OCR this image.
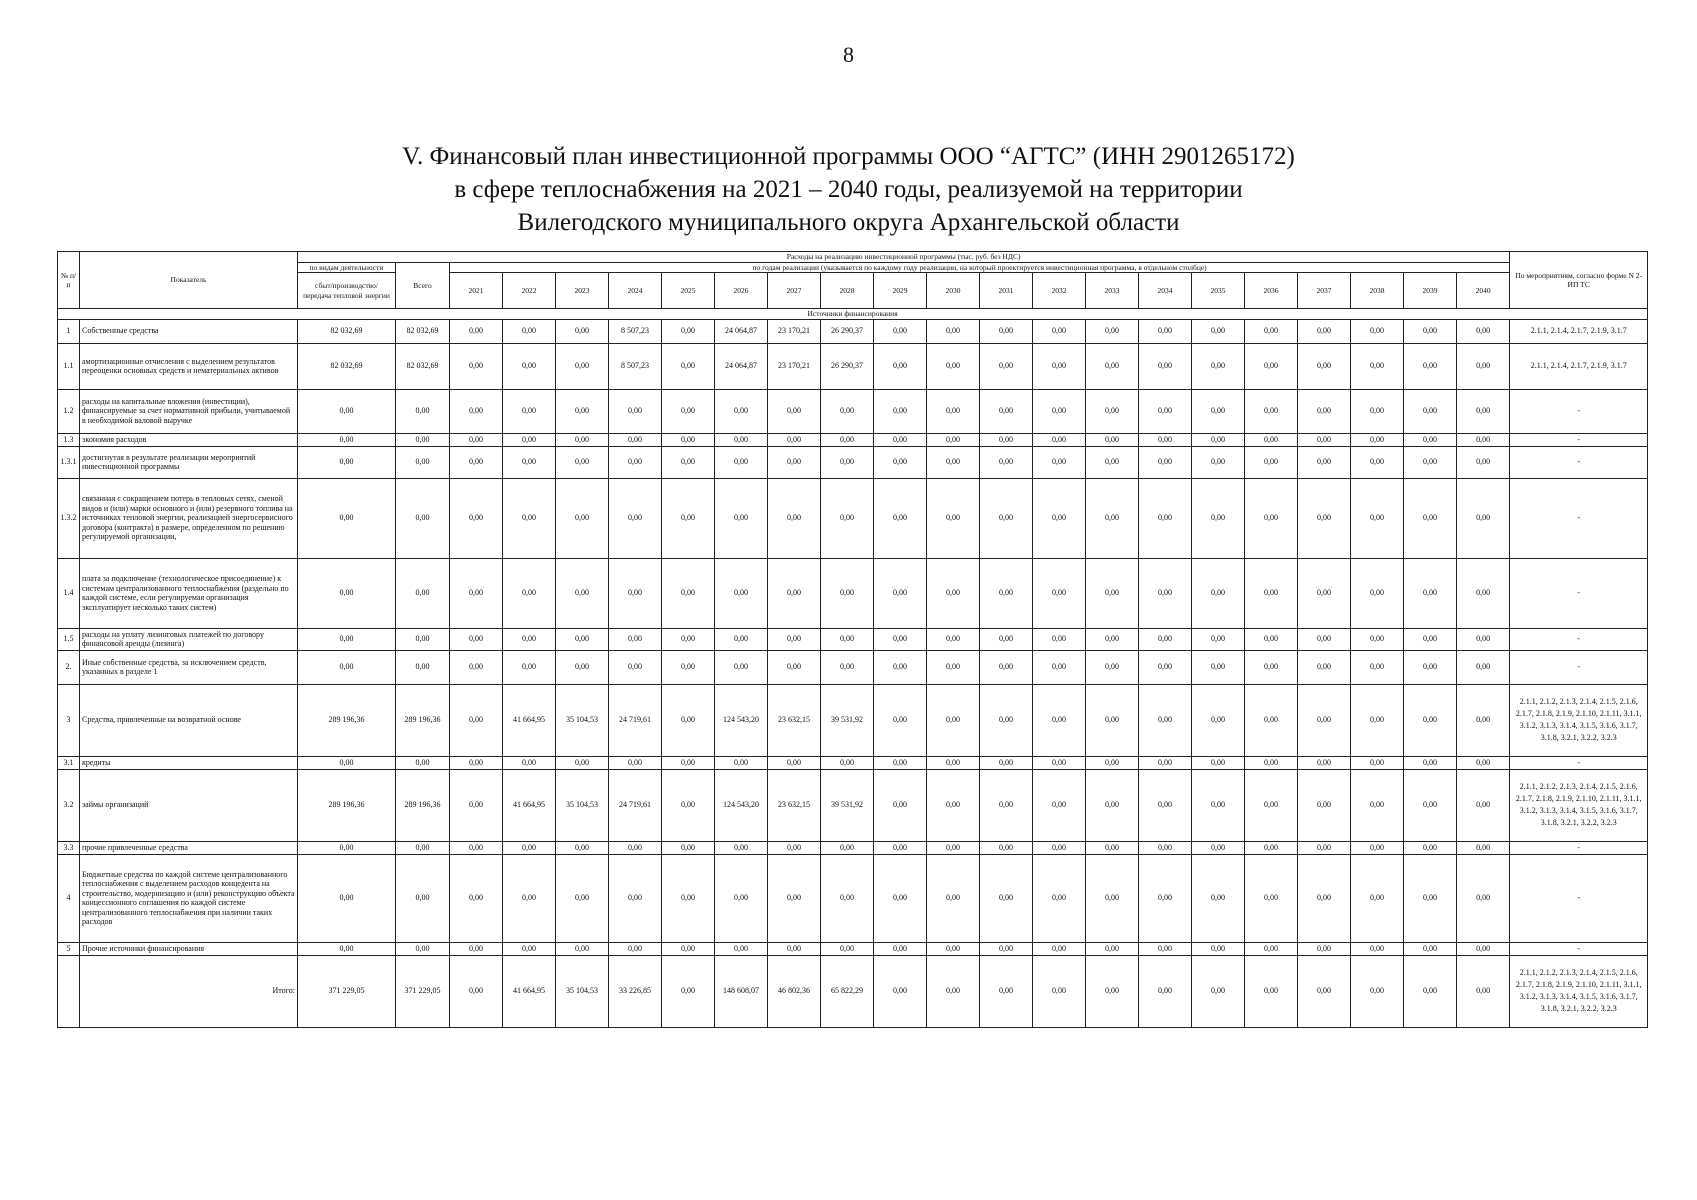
8
V. Финансовый план инвестиционной программы ООО “АГТС” (ИНН 2901265172)
в сфере теплоснабжения на 2021 – 2040 годы, реализуемой на территории
Вилегодского муниципального округа Архангельской области
№ п/п	Показатель	Расходы на реализацию инвестиционной программы (тыс. руб. без НДС)																						По мероприятиям, согласно форме N 2-ИП ТС
		по видам деятельности	Всего	по годам реализации (указывается по каждому году реализации, на который проектируется инвестиционная программа, в отдельном столбце)																				
		сбыт/производство/ передача тепловой энергии		2021	2022	2023	2024	2025	2026	2027	2028	2029	2030	2031	2032	2033	2034	2035	2036	2037	2038	2039	2040	
Источники финансирования																								
1	Собственные средства	82 032,69	82 032,69	0,00	0,00	0,00	8 507,23	0,00	24 064,87	23 170,21	26 290,37	0,00	0,00	0,00	0,00	0,00	0,00	0,00	0,00	0,00	0,00	0,00	0,00	2.1.1, 2.1.4, 2.1.7, 2.1.9, 3.1.7
1.1	амортизационные отчисления с выделением результатов переоценки основных средств и нематериальных активов	82 032,69	82 032,69	0,00	0,00	0,00	8 507,23	0,00	24 064,87	23 170,21	26 290,37	0,00	0,00	0,00	0,00	0,00	0,00	0,00	0,00	0,00	0,00	0,00	0,00	2.1.1, 2.1.4, 2.1.7, 2.1.9, 3.1.7
1.2	расходы на капитальные вложения (инвестиции), финансируемые за счет нормативной прибыли, учитываемой в необходимой валовой выручке	0,00	0,00	0,00	0,00	0,00	0,00	0,00	0,00	0,00	0,00	0,00	0,00	0,00	0,00	0,00	0,00	0,00	0,00	0,00	0,00	0,00	0,00	-
1.3	экономия расходов	0,00	0,00	0,00	0,00	0,00	0,00	0,00	0,00	0,00	0,00	0,00	0,00	0,00	0,00	0,00	0,00	0,00	0,00	0,00	0,00	0,00	0,00	-
1.3.1	достигнутая в результате реализации мероприятий инвестиционной программы	0,00	0,00	0,00	0,00	0,00	0,00	0,00	0,00	0,00	0,00	0,00	0,00	0,00	0,00	0,00	0,00	0,00	0,00	0,00	0,00	0,00	0,00	-
1.3.2	связанная с сокращением потерь в тепловых сетях, сменой видов и (или) марки основного и (или) резервного топлива на источниках тепловой энергии, реализацией энергосервисного договора (контракта) в размере, определенном по решению регулируемой организации,	0,00	0,00	0,00	0,00	0,00	0,00	0,00	0,00	0,00	0,00	0,00	0,00	0,00	0,00	0,00	0,00	0,00	0,00	0,00	0,00	0,00	0,00	-
1.4	плата за подключение (технологическое присоединение) к системам централизованного теплоснабжения (раздельно по каждой системе, если регулируемая организация эксплуатирует несколько таких систем)	0,00	0,00	0,00	0,00	0,00	0,00	0,00	0,00	0,00	0,00	0,00	0,00	0,00	0,00	0,00	0,00	0,00	0,00	0,00	0,00	0,00	0,00	-
1.5	расходы на уплату лизинговых платежей по договору финансовой аренды (лизинга)	0,00	0,00	0,00	0,00	0,00	0,00	0,00	0,00	0,00	0,00	0,00	0,00	0,00	0,00	0,00	0,00	0,00	0,00	0,00	0,00	0,00	0,00	-
2.	Иные собственные средства, за исключением средств, указанных в разделе 1	0,00	0,00	0,00	0,00	0,00	0,00	0,00	0,00	0,00	0,00	0,00	0,00	0,00	0,00	0,00	0,00	0,00	0,00	0,00	0,00	0,00	0,00	-
3	Средства, привлеченные на возвратной основе	289 196,36	289 196,36	0,00	41 664,95	35 104,53	24 719,61	0,00	124 543,20	23 632,15	39 531,92	0,00	0,00	0,00	0,00	0,00	0,00	0,00	0,00	0,00	0,00	0,00	0,00	2.1.1, 2.1.2, 2.1.3, 2.1.4, 2.1.5, 2.1.6, 2.1.7, 2.1.8, 2.1.9, 2.1.10, 2.1.11, 3.1.1, 3.1.2, 3.1.3, 3.1.4, 3.1.5, 3.1.6, 3.1.7, 3.1.8, 3.2.1, 3.2.2, 3.2.3
3.1	кредиты	0,00	0,00	0,00	0,00	0,00	0,00	0,00	0,00	0,00	0,00	0,00	0,00	0,00	0,00	0,00	0,00	0,00	0,00	0,00	0,00	0,00	0,00	-
3.2	займы организаций	289 196,36	289 196,36	0,00	41 664,95	35 104,53	24 719,61	0,00	124 543,20	23 632,15	39 531,92	0,00	0,00	0,00	0,00	0,00	0,00	0,00	0,00	0,00	0,00	0,00	0,00	2.1.1, 2.1.2, 2.1.3, 2.1.4, 2.1.5, 2.1.6, 2.1.7, 2.1.8, 2.1.9, 2.1.10, 2.1.11, 3.1.1, 3.1.2, 3.1.3, 3.1.4, 3.1.5, 3.1.6, 3.1.7, 3.1.8, 3.2.1, 3.2.2, 3.2.3
3.3	прочие привлеченные средства	0,00	0,00	0,00	0,00	0,00	0,00	0,00	0,00	0,00	0,00	0,00	0,00	0,00	0,00	0,00	0,00	0,00	0,00	0,00	0,00	0,00	0,00	-
4	Бюджетные средства по каждой системе централизованного теплоснабжения с выделением расходов концедента на строительство, модернизацию и (или) реконструкцию объекта концессионного соглашения по каждой системе централизованного теплоснабжения при наличии таких расходов	0,00	0,00	0,00	0,00	0,00	0,00	0,00	0,00	0,00	0,00	0,00	0,00	0,00	0,00	0,00	0,00	0,00	0,00	0,00	0,00	0,00	0,00	-
5	Прочие источники финансирования	0,00	0,00	0,00	0,00	0,00	0,00	0,00	0,00	0,00	0,00	0,00	0,00	0,00	0,00	0,00	0,00	0,00	0,00	0,00	0,00	0,00	0,00	-
	Итого:	371 229,05	371 229,05	0,00	41 664,95	35 104,53	33 226,85	0,00	148 608,07	46 802,36	65 822,29	0,00	0,00	0,00	0,00	0,00	0,00	0,00	0,00	0,00	0,00	0,00	0,00	2.1.1, 2.1.2, 2.1.3, 2.1.4, 2.1.5, 2.1.6, 2.1.7, 2.1.8, 2.1.9, 2.1.10, 2.1.11, 3.1.1, 3.1.2, 3.1.3, 3.1.4, 3.1.5, 3.1.6, 3.1.7, 3.1.8, 3.2.1, 3.2.2, 3.2.3
